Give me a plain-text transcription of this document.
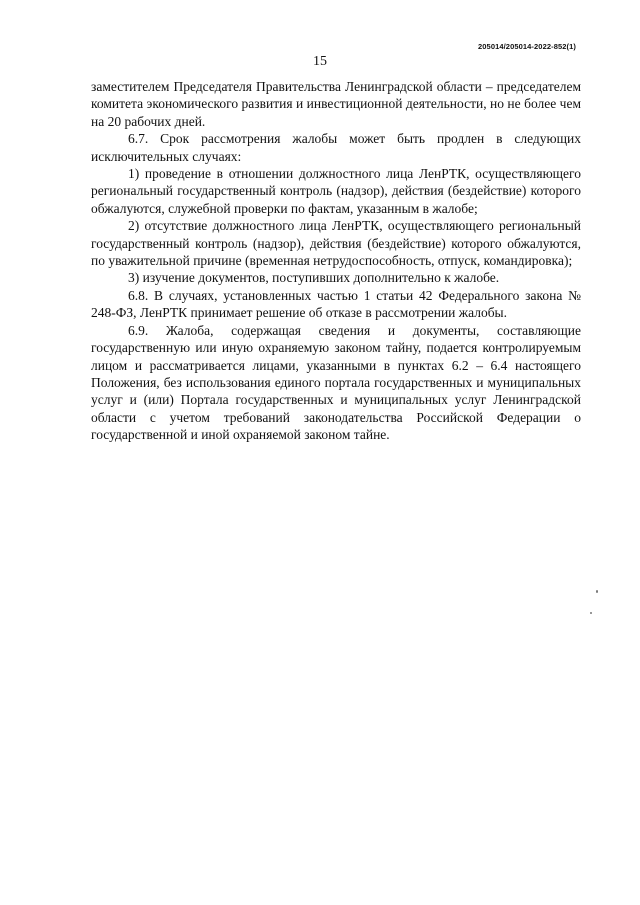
205014/205014-2022-852(1)
15

заместителем Председателя Правительства Ленинградской области – председателем комитета экономического развития и инвестиционной деятельности, но не более чем на 20 рабочих дней.

6.7. Срок рассмотрения жалобы может быть продлен в следующих исключительных случаях:

1) проведение в отношении должностного лица ЛенРТК, осуществляющего региональный государственный контроль (надзор), действия (бездействие) которого обжалуются, служебной проверки по фактам, указанным в жалобе;

2) отсутствие должностного лица ЛенРТК, осуществляющего региональный государственный контроль (надзор), действия (бездействие) которого обжалуются, по уважительной причине (временная нетрудоспособность, отпуск, командировка);

3) изучение документов, поступивших дополнительно к жалобе.

6.8. В случаях, установленных частью 1 статьи 42 Федерального закона № 248-ФЗ, ЛенРТК принимает решение об отказе в рассмотрении жалобы.

6.9. Жалоба, содержащая сведения и документы, составляющие государственную или иную охраняемую законом тайну, подается контролируемым лицом и рассматривается лицами, указанными в пунктах 6.2 – 6.4 настоящего Положения, без использования единого портала государственных и муниципальных услуг и (или) Портала государственных и муниципальных услуг Ленинградской области с учетом требований законодательства Российской Федерации о государственной и иной охраняемой законом тайне.
